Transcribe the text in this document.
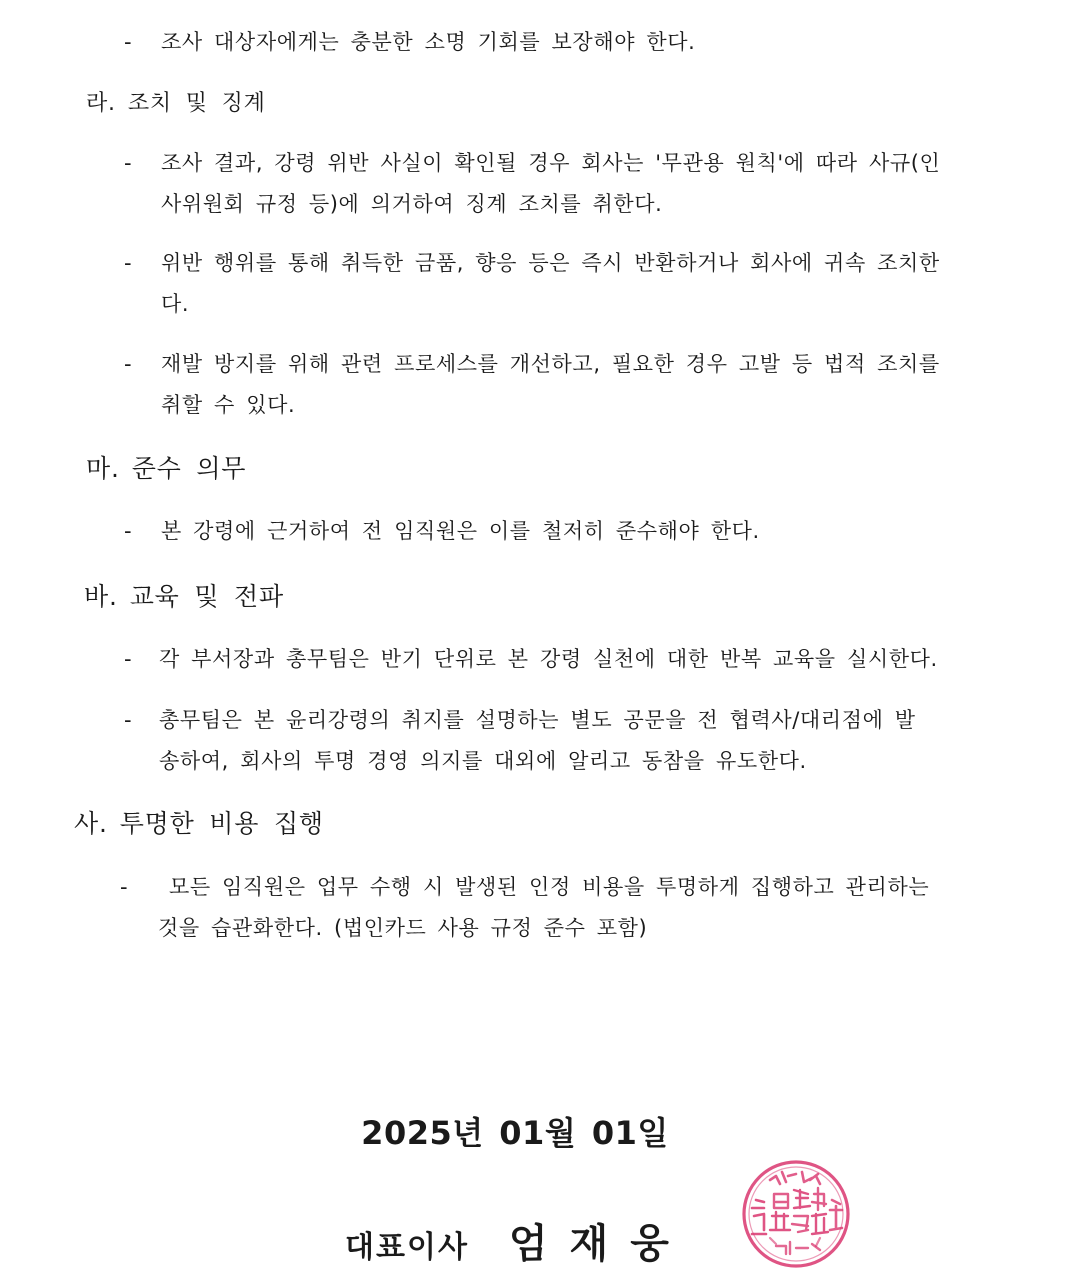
-	조사 대상자에게는 충분한 소명 기회를 보장해야 한다.
라. 조치 및 징계
-	조사 결과, 강령 위반 사실이 확인될 경우 회사는 '무관용 원칙'에 따라 사규(인
사위원회 규정 등)에 의거하여 징계 조치를 취한다.
-	위반 행위를 통해 취득한 금품, 향응 등은 즉시 반환하거나 회사에 귀속 조치한
다.
-	재발 방지를 위해 관련 프로세스를 개선하고, 필요한 경우 고발 등 법적 조치를
취할 수 있다.
마. 준수 의무
-	본 강령에 근거하여 전 임직원은 이를 철저히 준수해야 한다.
바. 교육 및 전파
-	각 부서장과 총무팀은 반기 단위로 본 강령 실천에 대한 반복 교육을 실시한다.
-	총무팀은 본 윤리강령의 취지를 설명하는 별도 공문을 전 협력사/대리점에 발
송하여, 회사의 투명 경영 의지를 대외에 알리고 동참을 유도한다.
사. 투명한 비용 집행
-	모든 임직원은 업무 수행 시 발생된 인정 비용을 투명하게 집행하고 관리하는
것을 습관화한다. (법인카드 사용 규정 준수 포함)
2025년 01월 01일
대표이사 엄재웅
